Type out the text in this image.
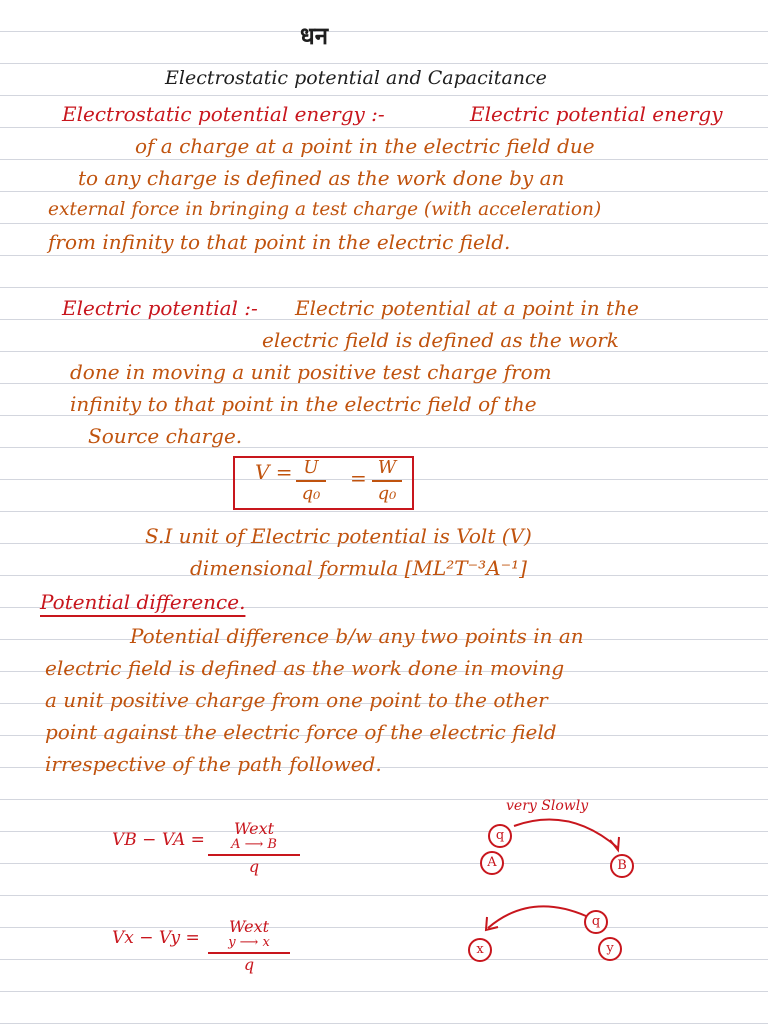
धन
Electrostatic potential and Capacitance
Electrostatic potential energy :-	Electric potential energy
of a charge at a point in the electric field due
to any charge is defined as the work done by an
external force in bringing a test charge (with acceleration)
from infinity to that point in the electric field.
Electric potential :- Electric potential at a point in the
electric field is defined as the work
done in moving a unit positive test charge from
infinity to that point in the electric field of the
Source charge.
V = U
q₀
= W
q₀
S.I unit of Electric potential is Volt (V)
dimensional formula [ML²T⁻³A⁻¹]
Potential difference.
Potential difference b/w any two points in an
electric field is defined as the work done in moving
a unit positive charge from one point to the other
point against the electric force of the electric field
irrespective of the path followed.
VB − VA =
Wext
A ⟶ B
q
Vx − Vy =
Wext
y ⟶ x
q
very Slowly
q
A	B
q
y
x
